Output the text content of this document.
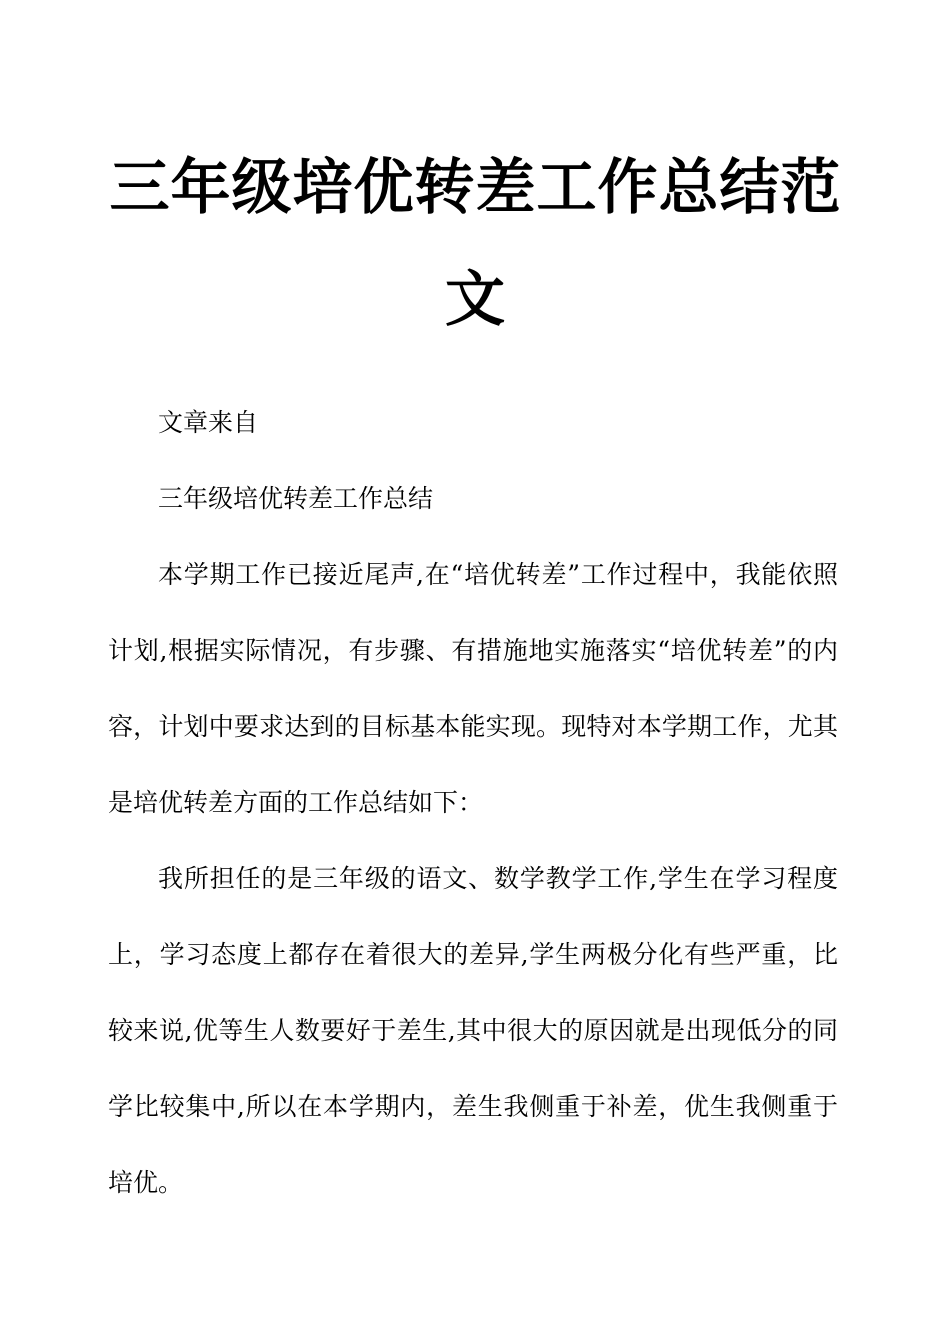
三年级培优转差工作总结范文

文章来自

三年级培优转差工作总结

本学期工作已接近尾声,在“培优转差”工作过程中，我能依照计划,根据实际情况，有步骤、有措施地实施落实“培优转差”的内容，计划中要求达到的目标基本能实现。现特对本学期工作，尤其是培优转差方面的工作总结如下：

我所担任的是三年级的语文、数学教学工作,学生在学习程度上，学习态度上都存在着很大的差异,学生两极分化有些严重，比较来说,优等生人数要好于差生,其中很大的原因就是出现低分的同学比较集中,所以在本学期内，差生我侧重于补差，优生我侧重于培优。
